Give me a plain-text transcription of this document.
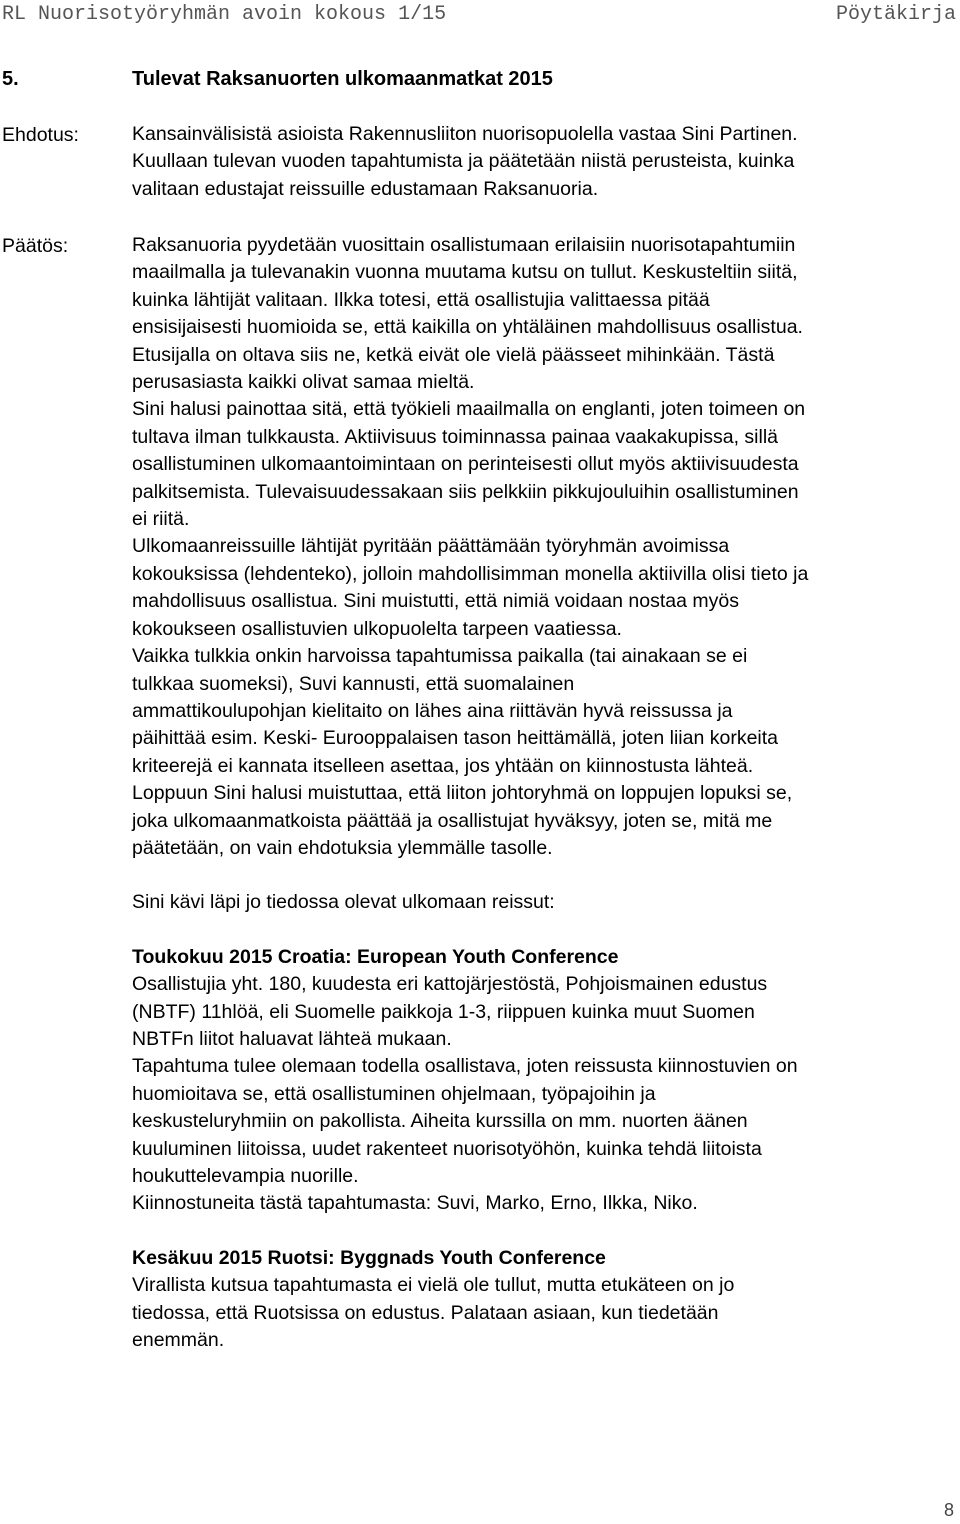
RL Nuorisotyöryhmän avoin kokous 1/15	Pöytäkirja
5.	Tulevat Raksanuorten ulkomaanmatkat 2015
Ehdotus:	Kansainvälisistä asioista Rakennusliiton nuorisopuolella vastaa Sini Partinen.

Kuullaan tulevan vuoden tapahtumista ja päätetään niistä perusteista, kuinka

valitaan edustajat reissuille edustamaan Raksanuoria.

Päätös:	Raksanuoria pyydetään vuosittain osallistumaan erilaisiin nuorisotapahtumiin

maailmalla ja tulevanakin vuonna muutama kutsu on tullut. Keskusteltiin siitä,

kuinka lähtijät valitaan. Ilkka totesi, että osallistujia valittaessa pitää

ensisijaisesti huomioida se, että kaikilla on yhtäläinen mahdollisuus osallistua.

Etusijalla on oltava siis ne, ketkä eivät ole vielä päässeet mihinkään. Tästä

perusasiasta kaikki olivat samaa mieltä.

Sini halusi painottaa sitä, että työkieli maailmalla on englanti, joten toimeen on

tultava ilman tulkkausta. Aktiivisuus toiminnassa painaa vaakakupissa, sillä

osallistuminen ulkomaantoimintaan on perinteisesti ollut myös aktiivisuudesta

palkitsemista. Tulevaisuudessakaan siis pelkkiin pikkujouluihin osallistuminen

ei riitä.

Ulkomaanreissuille lähtijät pyritään päättämään työryhmän avoimissa

kokouksissa (lehdenteko), jolloin mahdollisimman monella aktiivilla olisi tieto ja

mahdollisuus osallistua. Sini muistutti, että nimiä voidaan nostaa myös

kokoukseen osallistuvien ulkopuolelta tarpeen vaatiessa.

Vaikka tulkkia onkin harvoissa tapahtumissa paikalla (tai ainakaan se ei

tulkkaa suomeksi), Suvi kannusti, että suomalainen

ammattikoulupohjan kielitaito on lähes aina riittävän hyvä reissussa ja

päihittää esim. Keski- Eurooppalaisen tason heittämällä, joten liian korkeita

kriteerejä ei kannata itselleen asettaa, jos yhtään on kiinnostusta lähteä.

Loppuun Sini halusi muistuttaa, että liiton johtoryhmä on loppujen lopuksi se,

joka ulkomaanmatkoista päättää ja osallistujat hyväksyy, joten se, mitä me

päätetään, on vain ehdotuksia ylemmälle tasolle.

Sini kävi läpi jo tiedossa olevat ulkomaan reissut:

Toukokuu 2015 Croatia: European Youth Conference

Osallistujia yht. 180, kuudesta eri kattojärjestöstä, Pohjoismainen edustus

(NBTF) 11hlöä, eli Suomelle paikkoja 1-3, riippuen kuinka muut Suomen

NBTFn liitot haluavat lähteä mukaan.

Tapahtuma tulee olemaan todella osallistava, joten reissusta kiinnostuvien on

huomioitava se, että osallistuminen ohjelmaan, työpajoihin ja

keskusteluryhmiin on pakollista. Aiheita kurssilla on mm. nuorten äänen

kuuluminen liitoissa, uudet rakenteet nuorisotyöhön, kuinka tehdä liitoista

houkuttelevampia nuorille.

Kiinnostuneita tästä tapahtumasta: Suvi, Marko, Erno, Ilkka, Niko.

Kesäkuu 2015 Ruotsi: Byggnads Youth Conference

Virallista kutsua tapahtumasta ei vielä ole tullut, mutta etukäteen on jo

tiedossa, että Ruotsissa on edustus. Palataan asiaan, kun tiedetään

enemmän.

8
